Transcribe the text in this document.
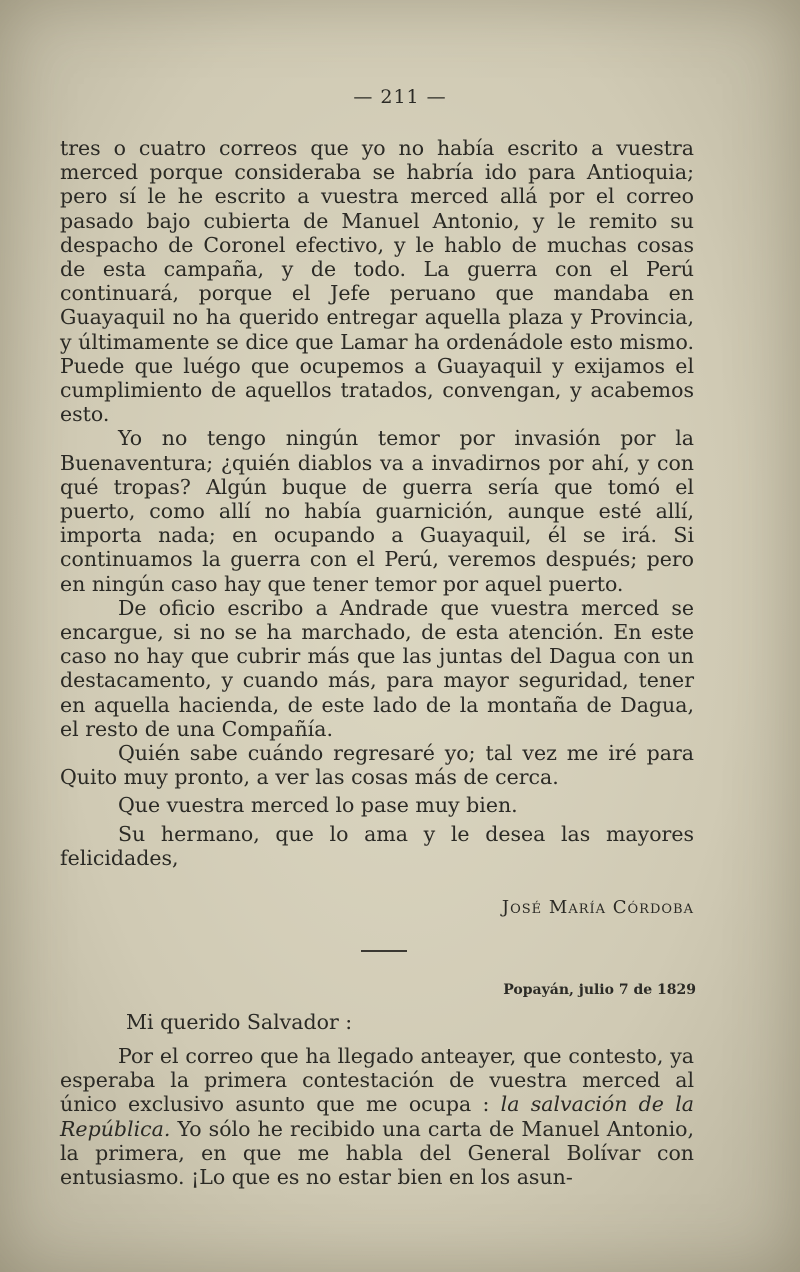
— 211 —

tres o cuatro correos que yo no había escrito a vuestra merced porque consideraba se habría ido para Antioquia; pero sí le he escrito a vuestra merced allá por el correo pasado bajo cubierta de Manuel Antonio, y le remito su despacho de Coronel efectivo, y le hablo de muchas cosas de esta campaña, y de todo. La guerra con el Perú continuará, porque el Jefe peruano que mandaba en Guayaquil no ha querido entregar aquella plaza y Provincia, y últimamente se dice que Lamar ha ordenádole esto mismo. Puede que luégo que ocupemos a Guayaquil y exijamos el cumplimiento de aquellos tratados, convengan, y acabemos esto.

Yo no tengo ningún temor por invasión por la Buenaventura; ¿quién diablos va a invadirnos por ahí, y con qué tropas? Algún buque de guerra sería que tomó el puerto, como allí no había guarnición, aunque esté allí, importa nada; en ocupando a Guayaquil, él se irá. Si continuamos la guerra con el Perú, veremos después; pero en ningún caso hay que tener temor por aquel puerto.

De oficio escribo a Andrade que vuestra merced se encargue, si no se ha marchado, de esta atención. En este caso no hay que cubrir más que las juntas del Dagua con un destacamento, y cuando más, para mayor seguridad, tener en aquella hacienda, de este lado de la montaña de Dagua, el resto de una Compañía.

Quién sabe cuándo regresaré yo; tal vez me iré para Quito muy pronto, a ver las cosas más de cerca.

Que vuestra merced lo pase muy bien.

Su hermano, que lo ama y le desea las mayores felicidades,

José María Córdoba
Popayán, julio 7 de 1829
Mi querido Salvador :

Por el correo que ha llegado anteayer, que contesto, ya esperaba la primera contestación de vuestra merced al único exclusivo asunto que me ocupa : la salvación de la República. Yo sólo he recibido una carta de Manuel Antonio, la primera, en que me habla del General Bolívar con entusiasmo. ¡Lo que es no estar bien en los asun-
